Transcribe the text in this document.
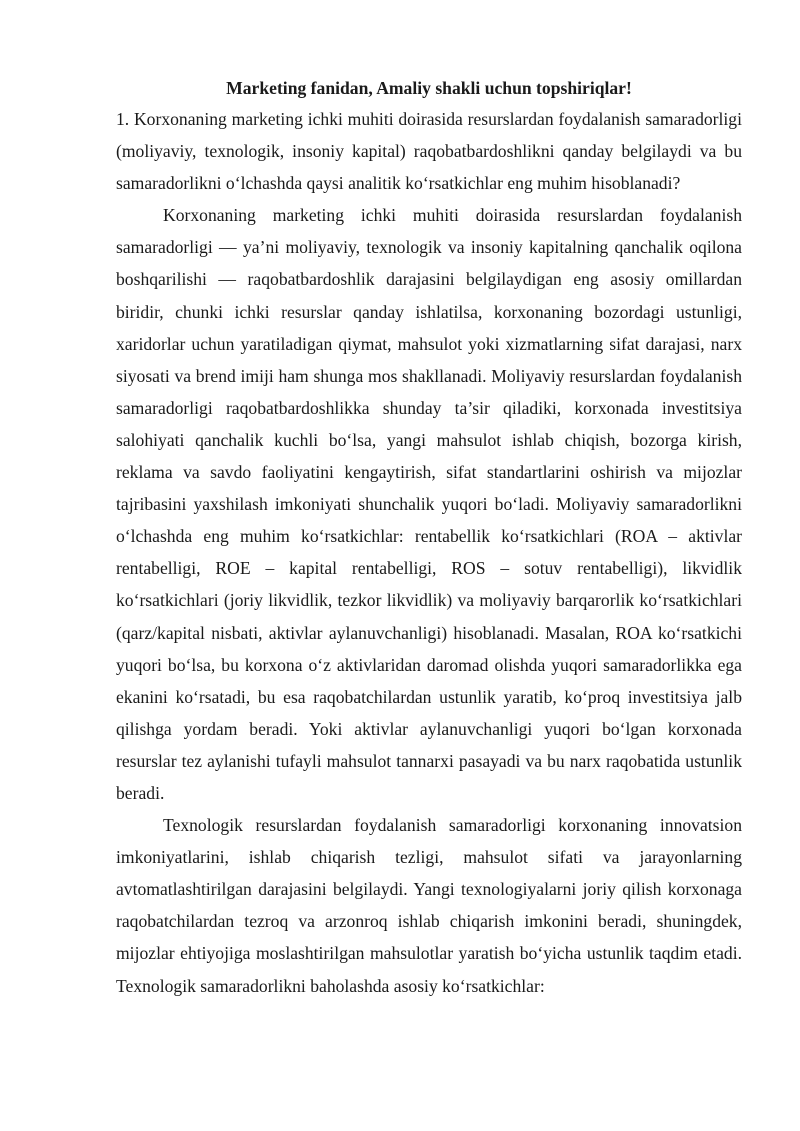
Marketing fanidan, Amaliy shakli uchun topshiriqlar!

1. Korxonaning marketing ichki muhiti doirasida resurslardan foydalanish samaradorligi (moliyaviy, texnologik, insoniy kapital) raqobatbardoshlikni qanday belgilaydi va bu samaradorlikni o‘lchashda qaysi analitik ko‘rsatkichlar eng muhim hisoblanadi?

Korxonaning marketing ichki muhiti doirasida resurslardan foydalanish samaradorligi — ya’ni moliyaviy, texnologik va insoniy kapitalning qanchalik oqilona boshqarilishi — raqobatbardoshlik darajasini belgilaydigan eng asosiy omillardan biridir, chunki ichki resurslar qanday ishlatilsa, korxonaning bozordagi ustunligi, xaridorlar uchun yaratiladigan qiymat, mahsulot yoki xizmatlarning sifat darajasi, narx siyosati va brend imiji ham shunga mos shakllanadi. Moliyaviy resurslardan foydalanish samaradorligi raqobatbardoshlikka shunday ta’sir qiladiki, korxonada investitsiya salohiyati qanchalik kuchli bo‘lsa, yangi mahsulot ishlab chiqish, bozorga kirish, reklama va savdo faoliyatini kengaytirish, sifat standartlarini oshirish va mijozlar tajribasini yaxshilash imkoniyati shunchalik yuqori bo‘ladi. Moliyaviy samaradorlikni o‘lchashda eng muhim ko‘rsatkichlar: rentabellik ko‘rsatkichlari (ROA – aktivlar rentabelligi, ROE – kapital rentabelligi, ROS – sotuv rentabelligi), likvidlik ko‘rsatkichlari (joriy likvidlik, tezkor likvidlik) va moliyaviy barqarorlik ko‘rsatkichlari (qarz/kapital nisbati, aktivlar aylanuvchanligi) hisoblanadi. Masalan, ROA ko‘rsatkichi yuqori bo‘lsa, bu korxona o‘z aktivlaridan daromad olishda yuqori samaradorlikka ega ekanini ko‘rsatadi, bu esa raqobatchilardan ustunlik yaratib, ko‘proq investitsiya jalb qilishga yordam beradi. Yoki aktivlar aylanuvchanligi yuqori bo‘lgan korxonada resurslar tez aylanishi tufayli mahsulot tannarxi pasayadi va bu narx raqobatida ustunlik beradi.

Texnologik resurslardan foydalanish samaradorligi korxonaning innovatsion imkoniyatlarini, ishlab chiqarish tezligi, mahsulot sifati va jarayonlarning avtomatlashtirilgan darajasini belgilaydi. Yangi texnologiyalarni joriy qilish korxonaga raqobatchilardan tezroq va arzonroq ishlab chiqarish imkonini beradi, shuningdek, mijozlar ehtiyojiga moslashtirilgan mahsulotlar yaratish bo‘yicha ustunlik taqdim etadi. Texnologik samaradorlikni baholashda asosiy ko‘rsatkichlar:
